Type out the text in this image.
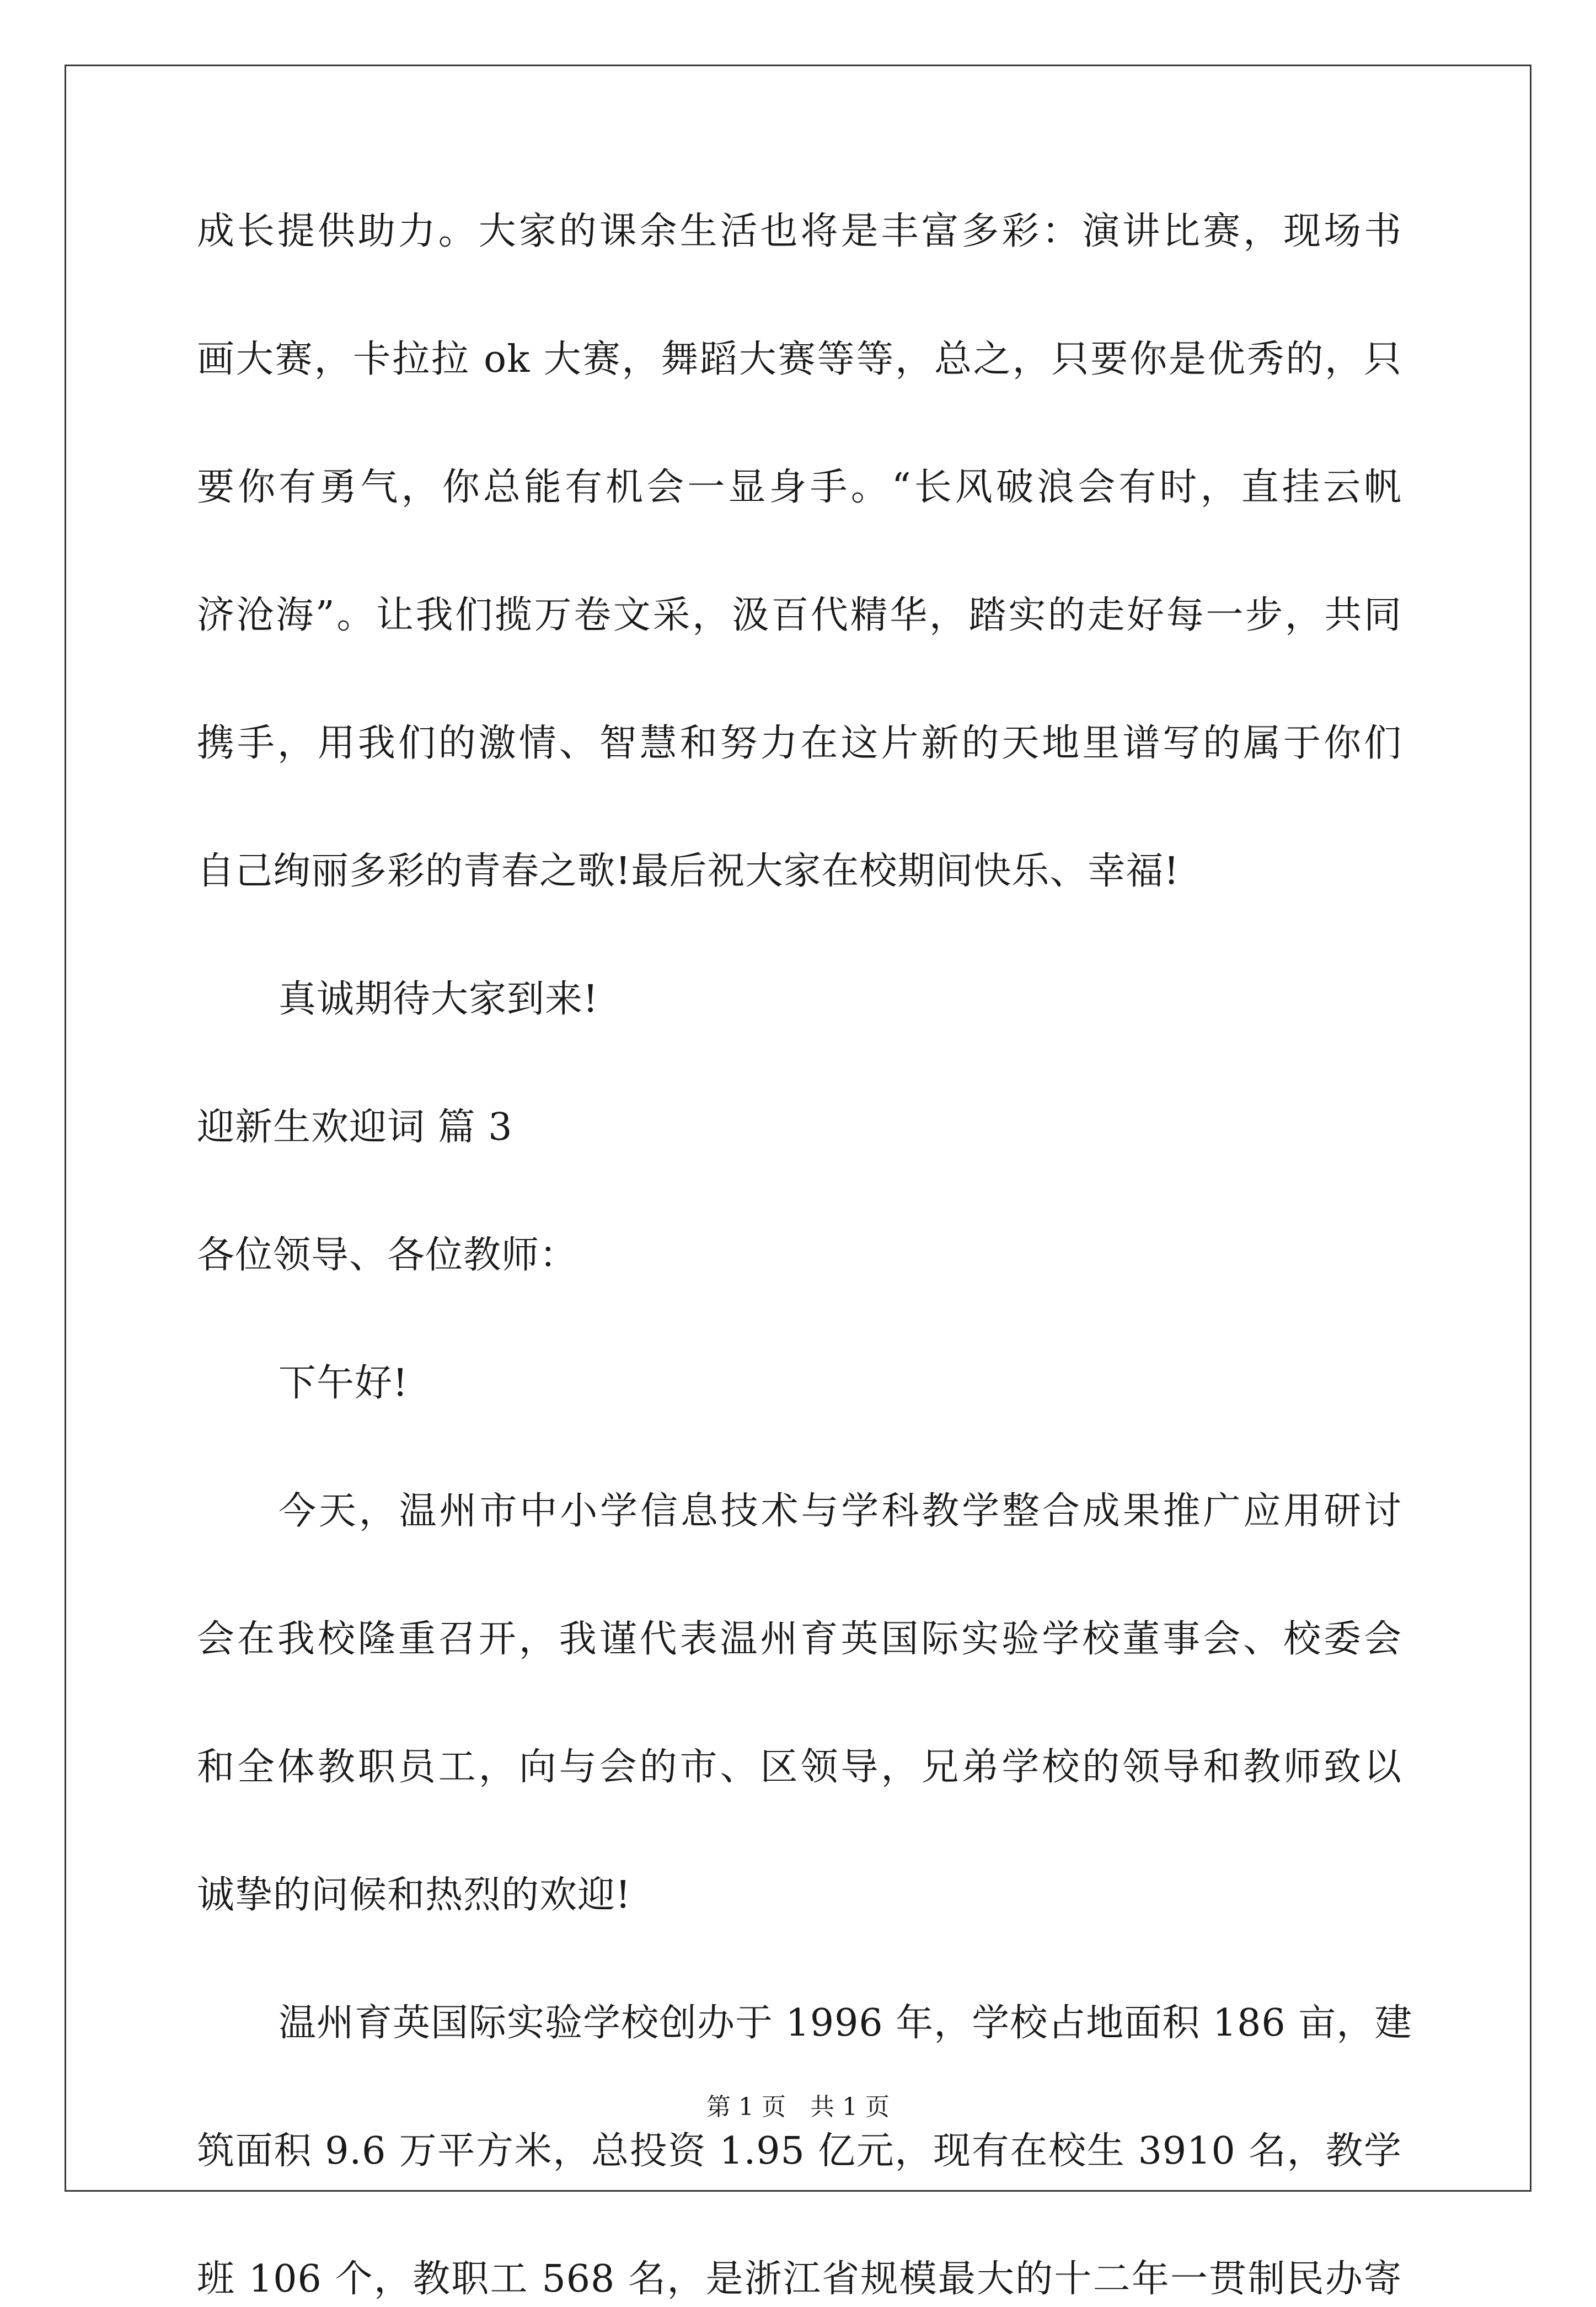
成长提供助力。大家的课余生活也将是丰富多彩：演讲比赛，现场书
画大赛，卡拉拉 ok 大赛，舞蹈大赛等等，总之，只要你是优秀的，只
要你有勇气，你总能有机会一显身手。“长风破浪会有时，直挂云帆
济沧海”。让我们揽万卷文采，汲百代精华，踏实的走好每一步，共同
携手，用我们的激情、智慧和努力在这片新的天地里谱写的属于你们
自己绚丽多彩的青春之歌!最后祝大家在校期间快乐、幸福!
真诚期待大家到来!
迎新生欢迎词 篇 3
各位领导、各位教师：
下午好!
今天，温州市中小学信息技术与学科教学整合成果推广应用研讨
会在我校隆重召开，我谨代表温州育英国际实验学校董事会、校委会
和全体教职员工，向与会的市、区领导，兄弟学校的领导和教师致以
诚挚的问候和热烈的欢迎!
温州育英国际实验学校创办于 1996 年，学校占地面积 186 亩，建
筑面积 9.6 万平方米，总投资 1.95 亿元，现有在校生 3910 名，教学
班 106 个，教职工 568 名，是浙江省规模最大的十二年一贯制民办寄
第 1 页　共 1 页
